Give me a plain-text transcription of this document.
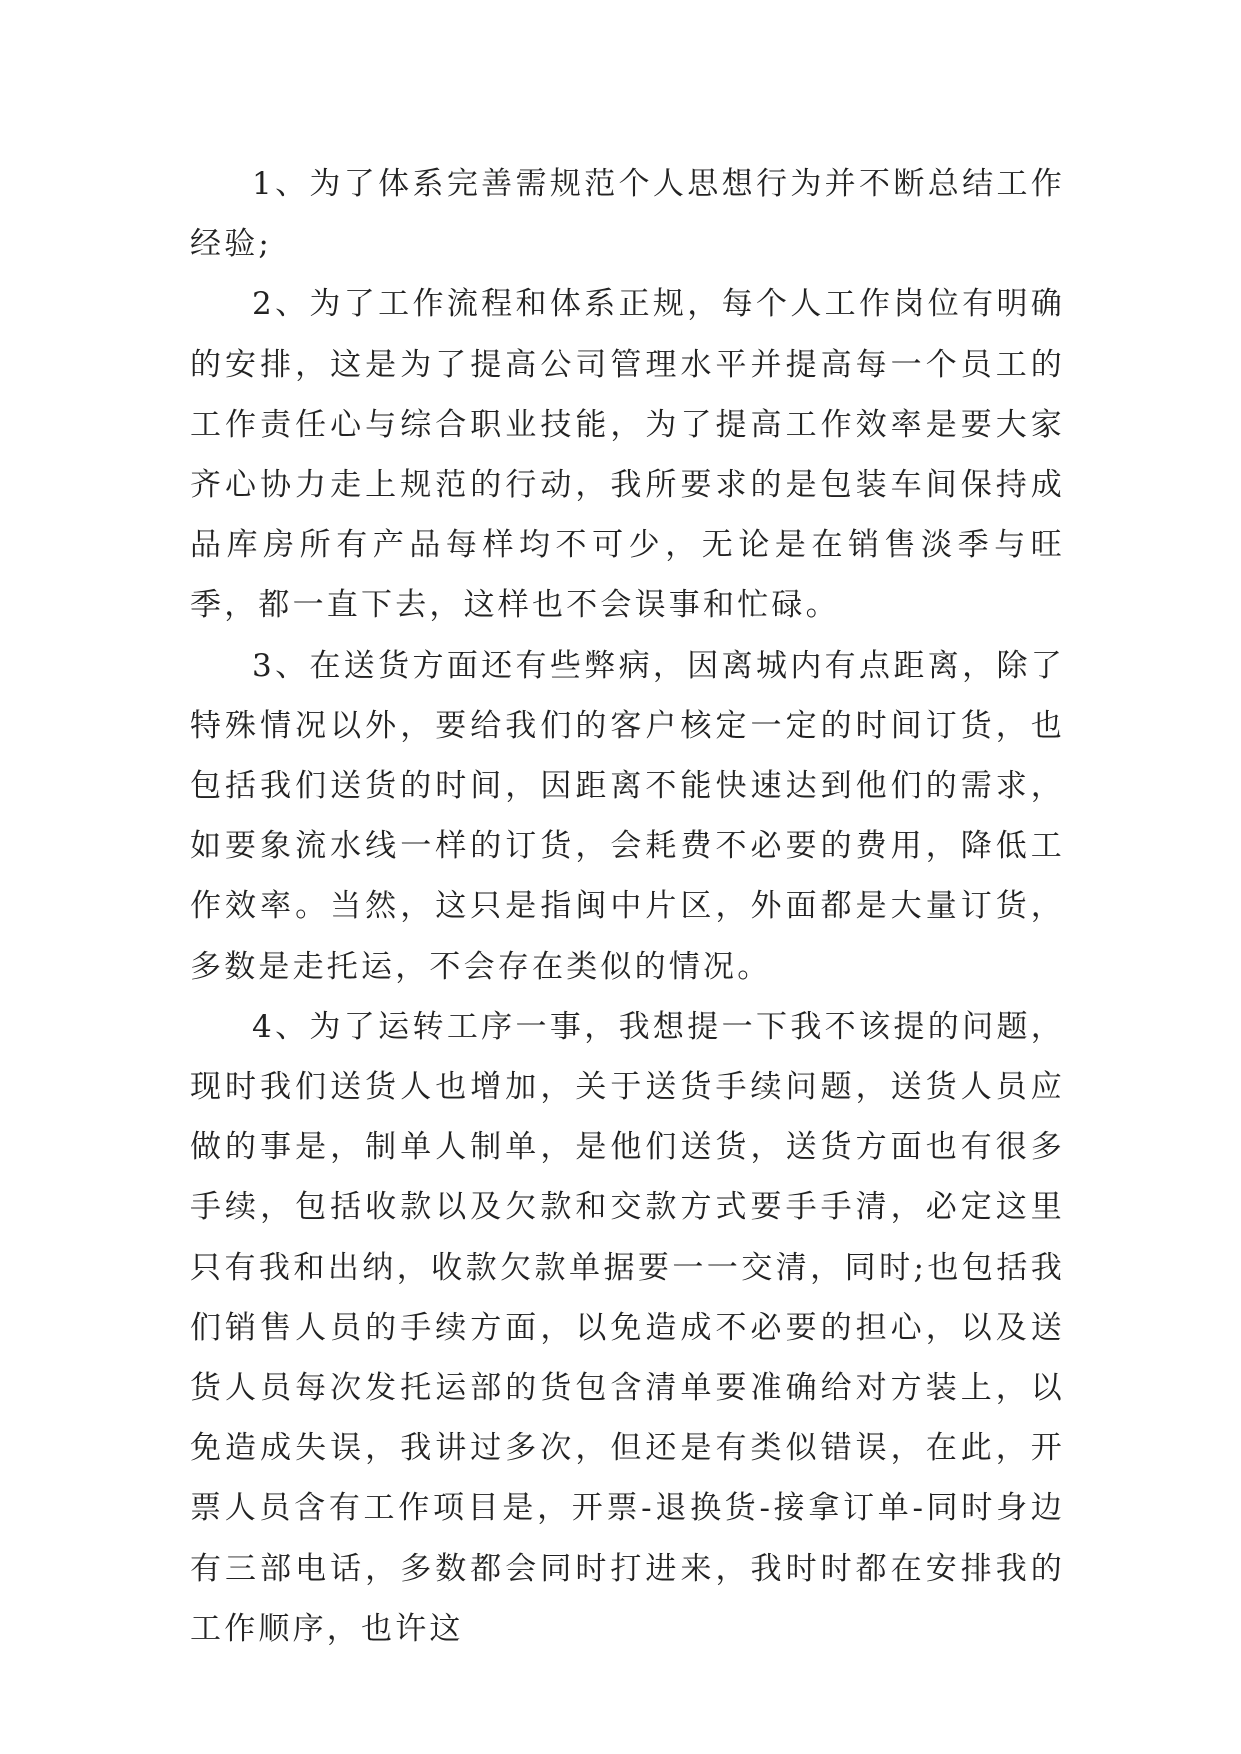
1、为了体系完善需规范个人思想行为并不断总结工作经验;

2、为了工作流程和体系正规，每个人工作岗位有明确的安排，这是为了提高公司管理水平并提高每一个员工的工作责任心与综合职业技能，为了提高工作效率是要大家齐心协力走上规范的行动，我所要求的是包装车间保持成品库房所有产品每样均不可少，无论是在销售淡季与旺季，都一直下去，这样也不会误事和忙碌。

3、在送货方面还有些弊病，因离城内有点距离，除了特殊情况以外，要给我们的客户核定一定的时间订货，也包括我们送货的时间，因距离不能快速达到他们的需求，如要象流水线一样的订货，会耗费不必要的费用，降低工作效率。当然，这只是指闽中片区，外面都是大量订货，多数是走托运，不会存在类似的情况。

4、为了运转工序一事，我想提一下我不该提的问题，现时我们送货人也增加，关于送货手续问题，送货人员应做的事是，制单人制单，是他们送货，送货方面也有很多手续，包括收款以及欠款和交款方式要手手清，必定这里只有我和出纳，收款欠款单据要一一交清，同时;也包括我们销售人员的手续方面，以免造成不必要的担心，以及送货人员每次发托运部的货包含清单要准确给对方装上，以免造成失误，我讲过多次，但还是有类似错误，在此，开票人员含有工作项目是，开票-退换货-接拿订单-同时身边有三部电话，多数都会同时打进来，我时时都在安排我的工作顺序，也许这
